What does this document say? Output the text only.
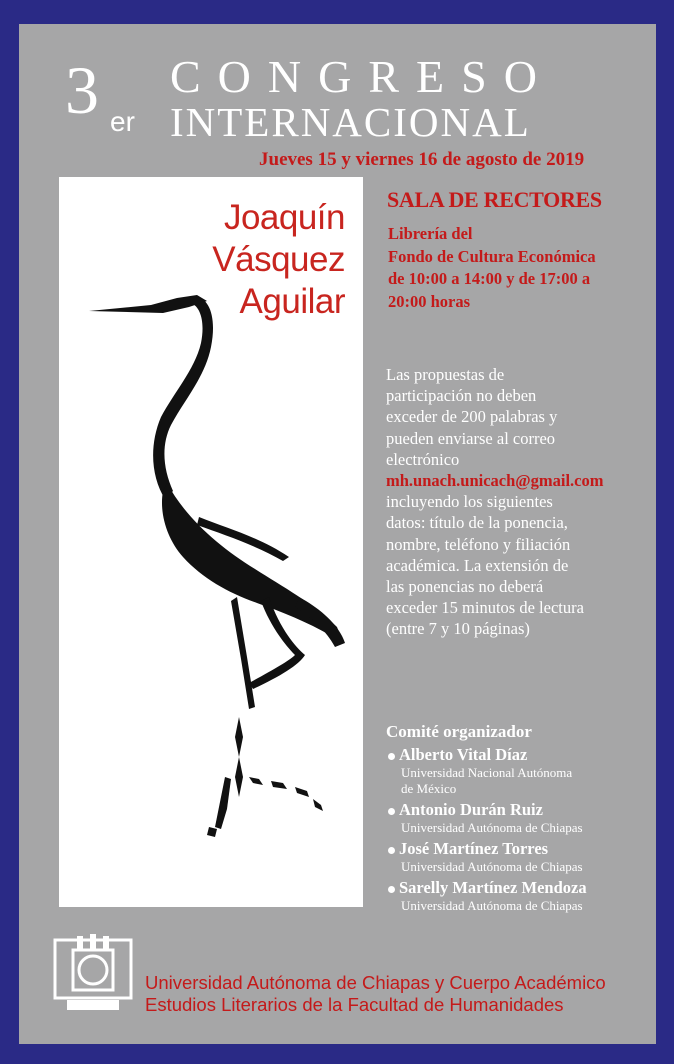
3 er
CONGRESO
INTERNACIONAL
Jueves 15 y viernes 16 de agosto de 2019
Joaquín
Vásquez
Aguilar
SALA DE RECTORES
Librería del
Fondo de Cultura Económica
de 10:00 a 14:00 y de 17:00 a
20:00 horas
Las propuestas de
participación no deben
exceder de 200 palabras y
pueden enviarse al correo
electrónico
mh.unach.unicach@gmail.com
incluyendo los siguientes
datos: título de la ponencia,
nombre, teléfono y filiación
académica. La extensión de
las ponencias no deberá
exceder 15 minutos de lectura
(entre 7 y 10 páginas)
Comité organizador
Alberto Vital Díaz
Universidad Nacional Autónoma
de México
Antonio Durán Ruiz
Universidad Autónoma de Chiapas
José Martínez Torres
Universidad Autónoma de Chiapas
Sarelly Martínez Mendoza
Universidad Autónoma de Chiapas
Universidad Autónoma de Chiapas y Cuerpo Académico
Estudios Literarios de la Facultad de Humanidades
